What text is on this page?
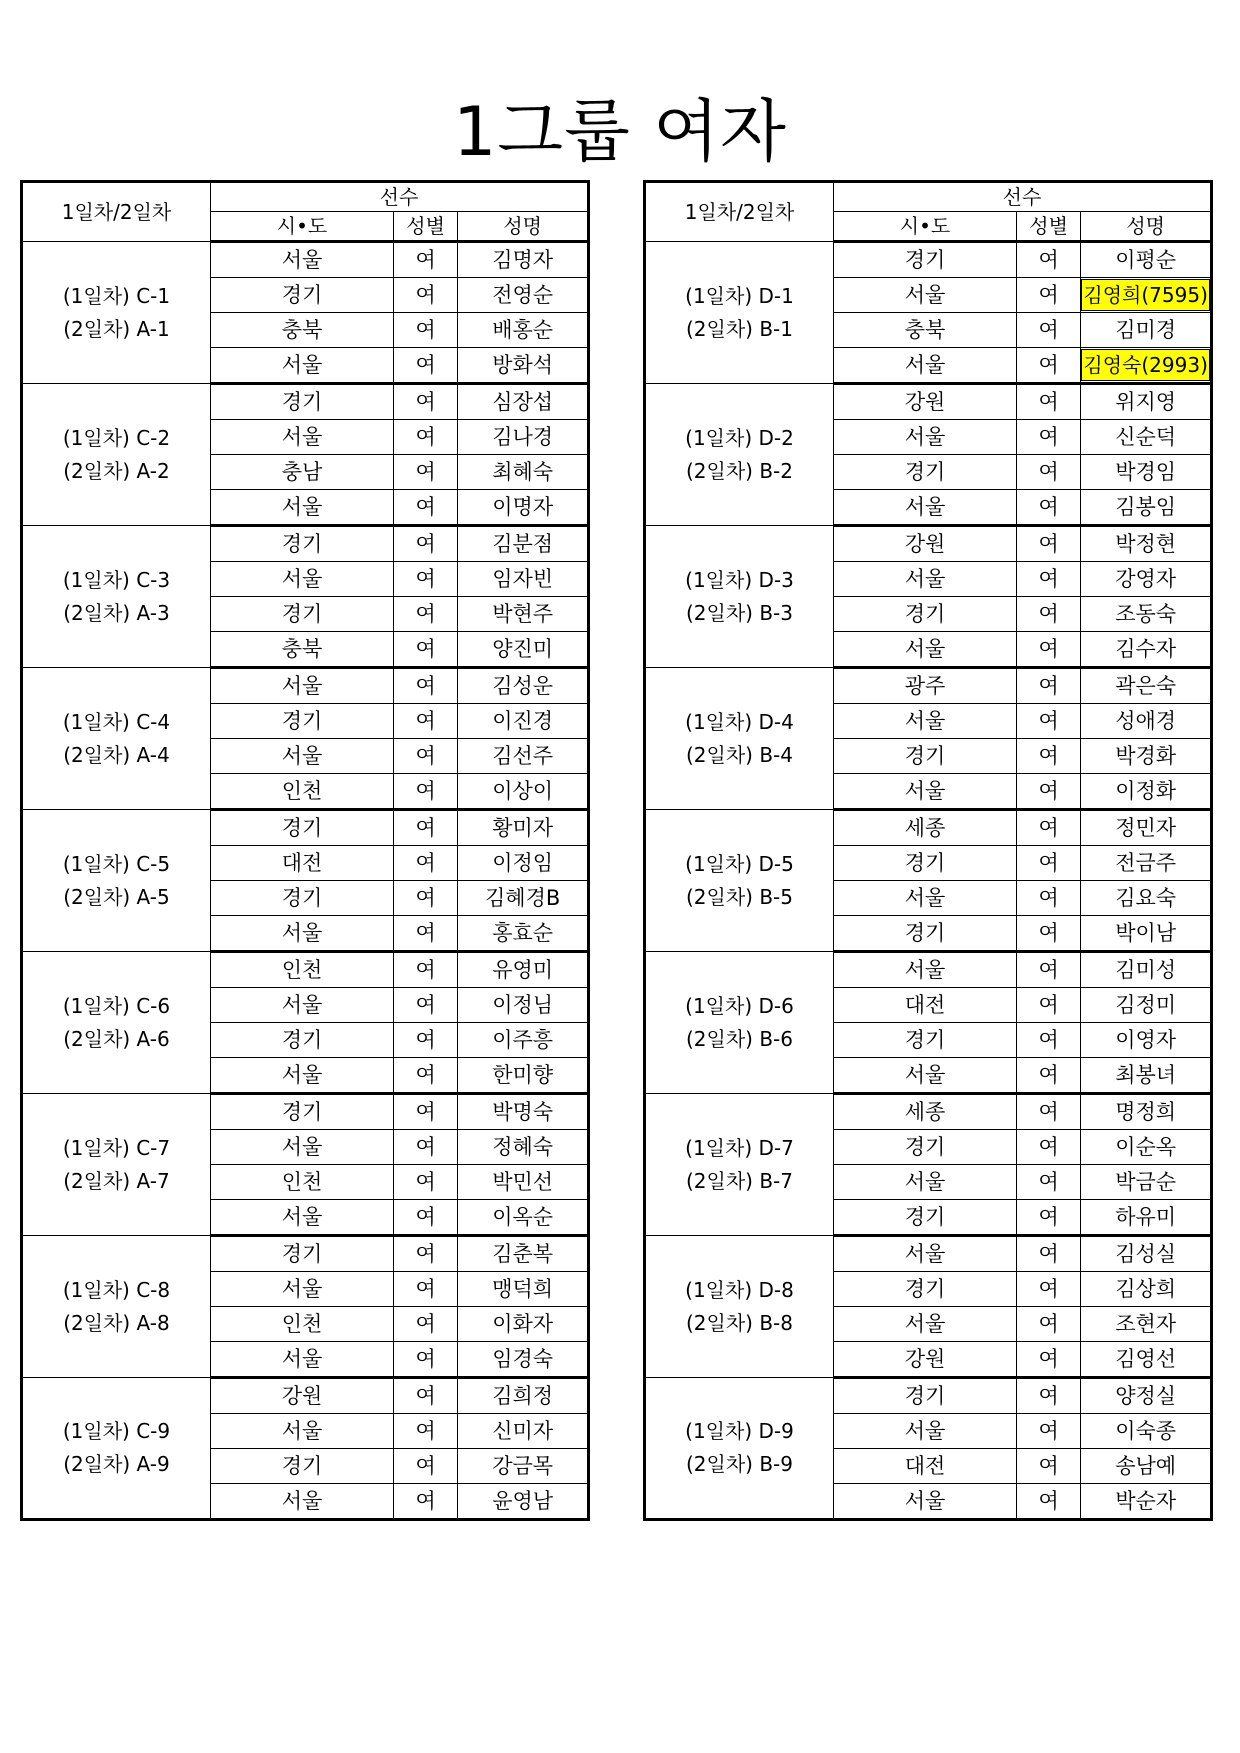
1그룹 여자
1일차/2일차	선수		
	시•도	성별	성명

(1일차) C-1
(2일차) A-1	서울	여	김명자
	경기	여	전영순
	충북	여	배홍순
	서울	여	방화석

(1일차) C-2
(2일차) A-2	경기	여	심장섭
	서울	여	김나경
	충남	여	최혜숙
	서울	여	이명자

(1일차) C-3
(2일차) A-3	경기	여	김분점
	서울	여	임자빈
	경기	여	박현주
	충북	여	양진미

(1일차) C-4
(2일차) A-4	서울	여	김성운
	경기	여	이진경
	서울	여	김선주
	인천	여	이상이

(1일차) C-5
(2일차) A-5	경기	여	황미자
	대전	여	이정임
	경기	여	김혜경B
	서울	여	홍효순

(1일차) C-6
(2일차) A-6	인천	여	유영미
	서울	여	이정님
	경기	여	이주흥
	서울	여	한미향

(1일차) C-7
(2일차) A-7	경기	여	박명숙
	서울	여	정혜숙
	인천	여	박민선
	서울	여	이옥순

(1일차) C-8
(2일차) A-8	경기	여	김춘복
	서울	여	맹덕희
	인천	여	이화자
	서울	여	임경숙

(1일차) C-9
(2일차) A-9	강원	여	김희정
	서울	여	신미자
	경기	여	강금목
	서울	여	윤영남
1일차/2일차	선수		
	시•도	성별	성명

(1일차) D-1
(2일차) B-1	경기	여	이평순
	서울	여	김영희(7595)
	충북	여	김미경
	서울	여	김영숙(2993)

(1일차) D-2
(2일차) B-2	강원	여	위지영
	서울	여	신순덕
	경기	여	박경임
	서울	여	김봉임

(1일차) D-3
(2일차) B-3	강원	여	박정현
	서울	여	강영자
	경기	여	조동숙
	서울	여	김수자

(1일차) D-4
(2일차) B-4	광주	여	곽은숙
	서울	여	성애경
	경기	여	박경화
	서울	여	이정화

(1일차) D-5
(2일차) B-5	세종	여	정민자
	경기	여	전금주
	서울	여	김요숙
	경기	여	박이남

(1일차) D-6
(2일차) B-6	서울	여	김미성
	대전	여	김정미
	경기	여	이영자
	서울	여	최봉녀

(1일차) D-7
(2일차) B-7	세종	여	명정희
	경기	여	이순옥
	서울	여	박금순
	경기	여	하유미

(1일차) D-8
(2일차) B-8	서울	여	김성실
	경기	여	김상희
	서울	여	조현자
	강원	여	김영선

(1일차) D-9
(2일차) B-9	경기	여	양정실
	서울	여	이숙종
	대전	여	송남예
	서울	여	박순자
